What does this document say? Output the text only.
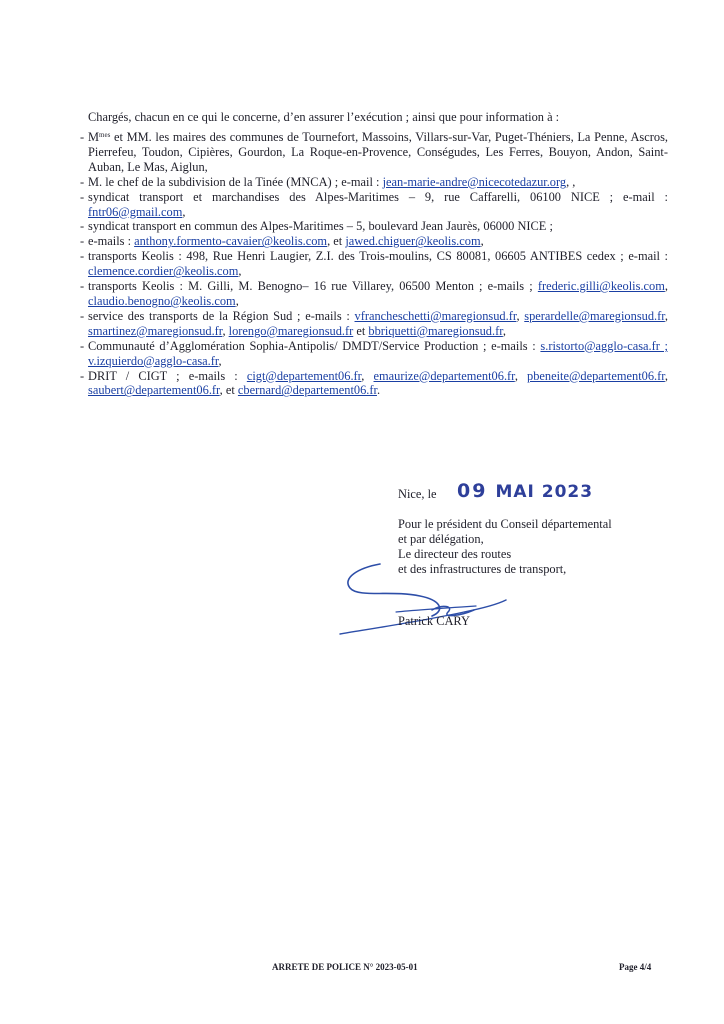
Chargés, chacun en ce qui le concerne, d’en assurer l’exécution ; ainsi que pour information à :
- $M^{mes}$ et MM. les maires des communes de Tournefort, Massoins, Villars-sur-Var, Puget-Théniers, La Penne, Ascros, Pierrefeu, Toudon, Cipières, Gourdon, La Roque-en-Provence, Conségudes, Les Ferres, Bouyon, Andon, Saint-Auban, Le Mas, Aiglun,
- M. le chef de la subdivision de la Tinée (MNCA) ; e-mail : jean-marie-andre@nicecotedazur.org, ,
- syndicat transport et marchandises des Alpes-Maritimes – 9, rue Caffarelli, 06100 NICE ; e-mail : fntr06@gmail.com,
- syndicat transport en commun des Alpes-Maritimes – 5, boulevard Jean Jaurès, 06000 NICE ;
- e-mails : anthony.formento-cavaier@keolis.com, et jawed.chiguer@keolis.com,
- transports Keolis : 498, Rue Henri Laugier, Z.I. des Trois-moulins, CS 80081, 06605 ANTIBES cedex ; e-mail : clemence.cordier@keolis.com,
- transports Keolis : M. Gilli, M. Benogno– 16 rue Villarey, 06500 Menton ; e-mails ; frederic.gilli@keolis.com, claudio.benogno@keolis.com,
- service des transports de la Région Sud ; e-mails : vfrancheschetti@maregionsud.fr, sperardelle@maregionsud.fr, smartinez@maregionsud.fr, lorengo@maregionsud.fr et bbriquetti@maregionsud.fr,
- Communauté d’Agglomération Sophia-Antipolis/ DMDT/Service Production ; e-mails : s.ristorto@agglo-casa.fr ; v.izquierdo@agglo-casa.fr,
- DRIT / CIGT ; e-mails : cigt@departement06.fr, emaurize@departement06.fr, pbeneite@departement06.fr, saubert@departement06.fr, et cbernard@departement06.fr.
Nice, le 09 MAI 2023
Pour le président du Conseil départemental
et par délégation,
Le directeur des routes
et des infrastructures de transport,
Patrick CARY
ARRETE DE POLICE N° 2023-05-01	Page 4/4
